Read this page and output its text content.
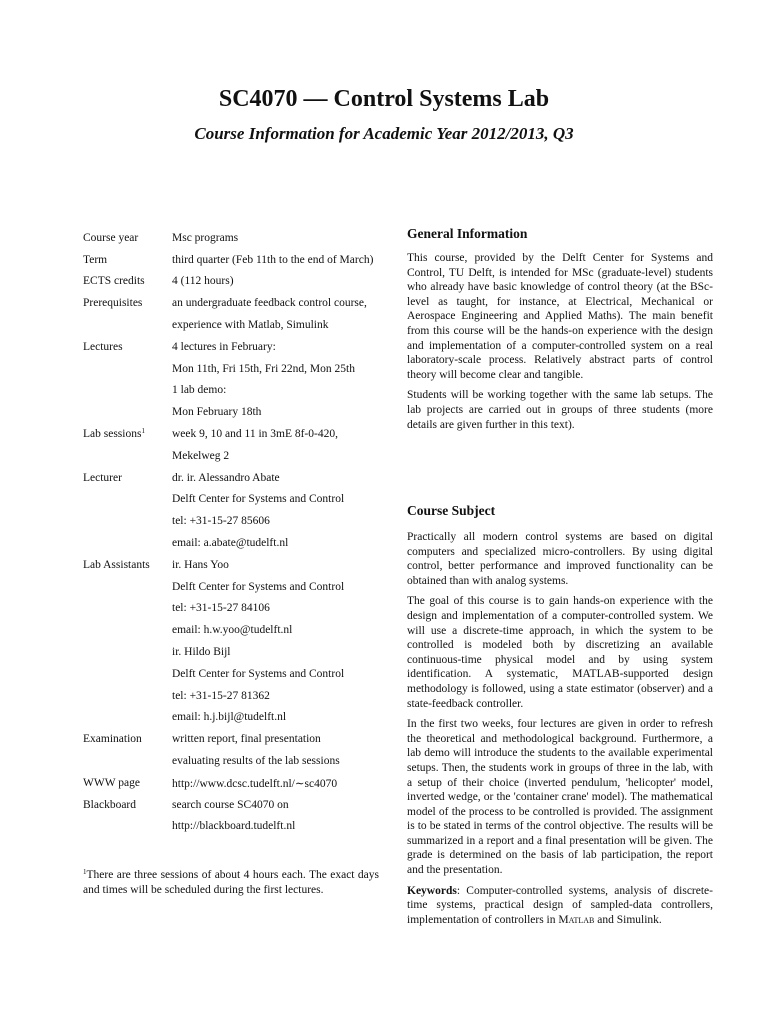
SC4070 — Control Systems Lab
Course Information for Academic Year 2012/2013, Q3
Course year	Msc programs
Term	third quarter (Feb 11th to the end of March)
ECTS credits	4 (112 hours)
Prerequisites	an undergraduate feedback control course,
experience with Matlab, Simulink
Lectures	4 lectures in February:
Mon 11th, Fri 15th, Fri 22nd, Mon 25th
1 lab demo:
Mon February 18th
Lab sessions$^1$	week 9, 10 and 11 in 3mE 8f-0-420,
Mekelweg 2
Lecturer	dr. ir. Alessandro Abate
Delft Center for Systems and Control
tel: +31-15-27 85606
email: a.abate@tudelft.nl
Lab Assistants	ir. Hans Yoo
Delft Center for Systems and Control
tel: +31-15-27 84106
email: h.w.yoo@tudelft.nl
ir. Hildo Bijl
Delft Center for Systems and Control
tel: +31-15-27 81362
email: h.j.bijl@tudelft.nl
Examination	written report, final presentation
evaluating results of the lab sessions
WWW page	http://www.dcsc.tudelft.nl/∼sc4070
Blackboard	search course SC4070 on
http://blackboard.tudelft.nl

$^1$There are three sessions of about 4 hours each. The exact days and times will be scheduled during the first lectures.

General Information

This course, provided by the Delft Center for Systems and Control, TU Delft, is intended for MSc (graduate-level) students who already have basic knowledge of control theory (at the BSc-level as taught, for instance, at Electrical, Mechanical or Aerospace Engineering and Applied Maths). The main benefit from this course will be the hands-on experience with the design and implementation of a computer-controlled system on a real laboratory-scale process. Relatively abstract parts of control theory will become clear and tangible.

Students will be working together with the same lab setups. The lab projects are carried out in groups of three students (more details are given further in this text).

Course Subject

Practically all modern control systems are based on digital computers and specialized micro-controllers. By using digital control, better performance and improved functionality can be obtained than with analog systems.

The goal of this course is to gain hands-on experience with the design and implementation of a computer-controlled system. We will use a discrete-time approach, in which the system to be controlled is modeled both by discretizing an available continuous-time physical model and by using system identification. A systematic, MATLAB-supported design methodology is followed, using a state estimator (observer) and a state-feedback controller.

In the first two weeks, four lectures are given in order to refresh the theoretical and methodological background. Furthermore, a lab demo will introduce the students to the available experimental setups. Then, the students work in groups of three in the lab, with a setup of their choice (inverted pendulum, 'helicopter' model, inverted wedge, or the 'container crane' model). The mathematical model of the process to be controlled is provided. The assignment is to be stated in terms of the control objective. The results will be summarized in a report and a final presentation will be given. The grade is determined on the basis of lab participation, the report and the presentation.

Keywords: Computer-controlled systems, analysis of discrete-time systems, practical design of sampled-data controllers, implementation of controllers in Matlab and Simulink.
